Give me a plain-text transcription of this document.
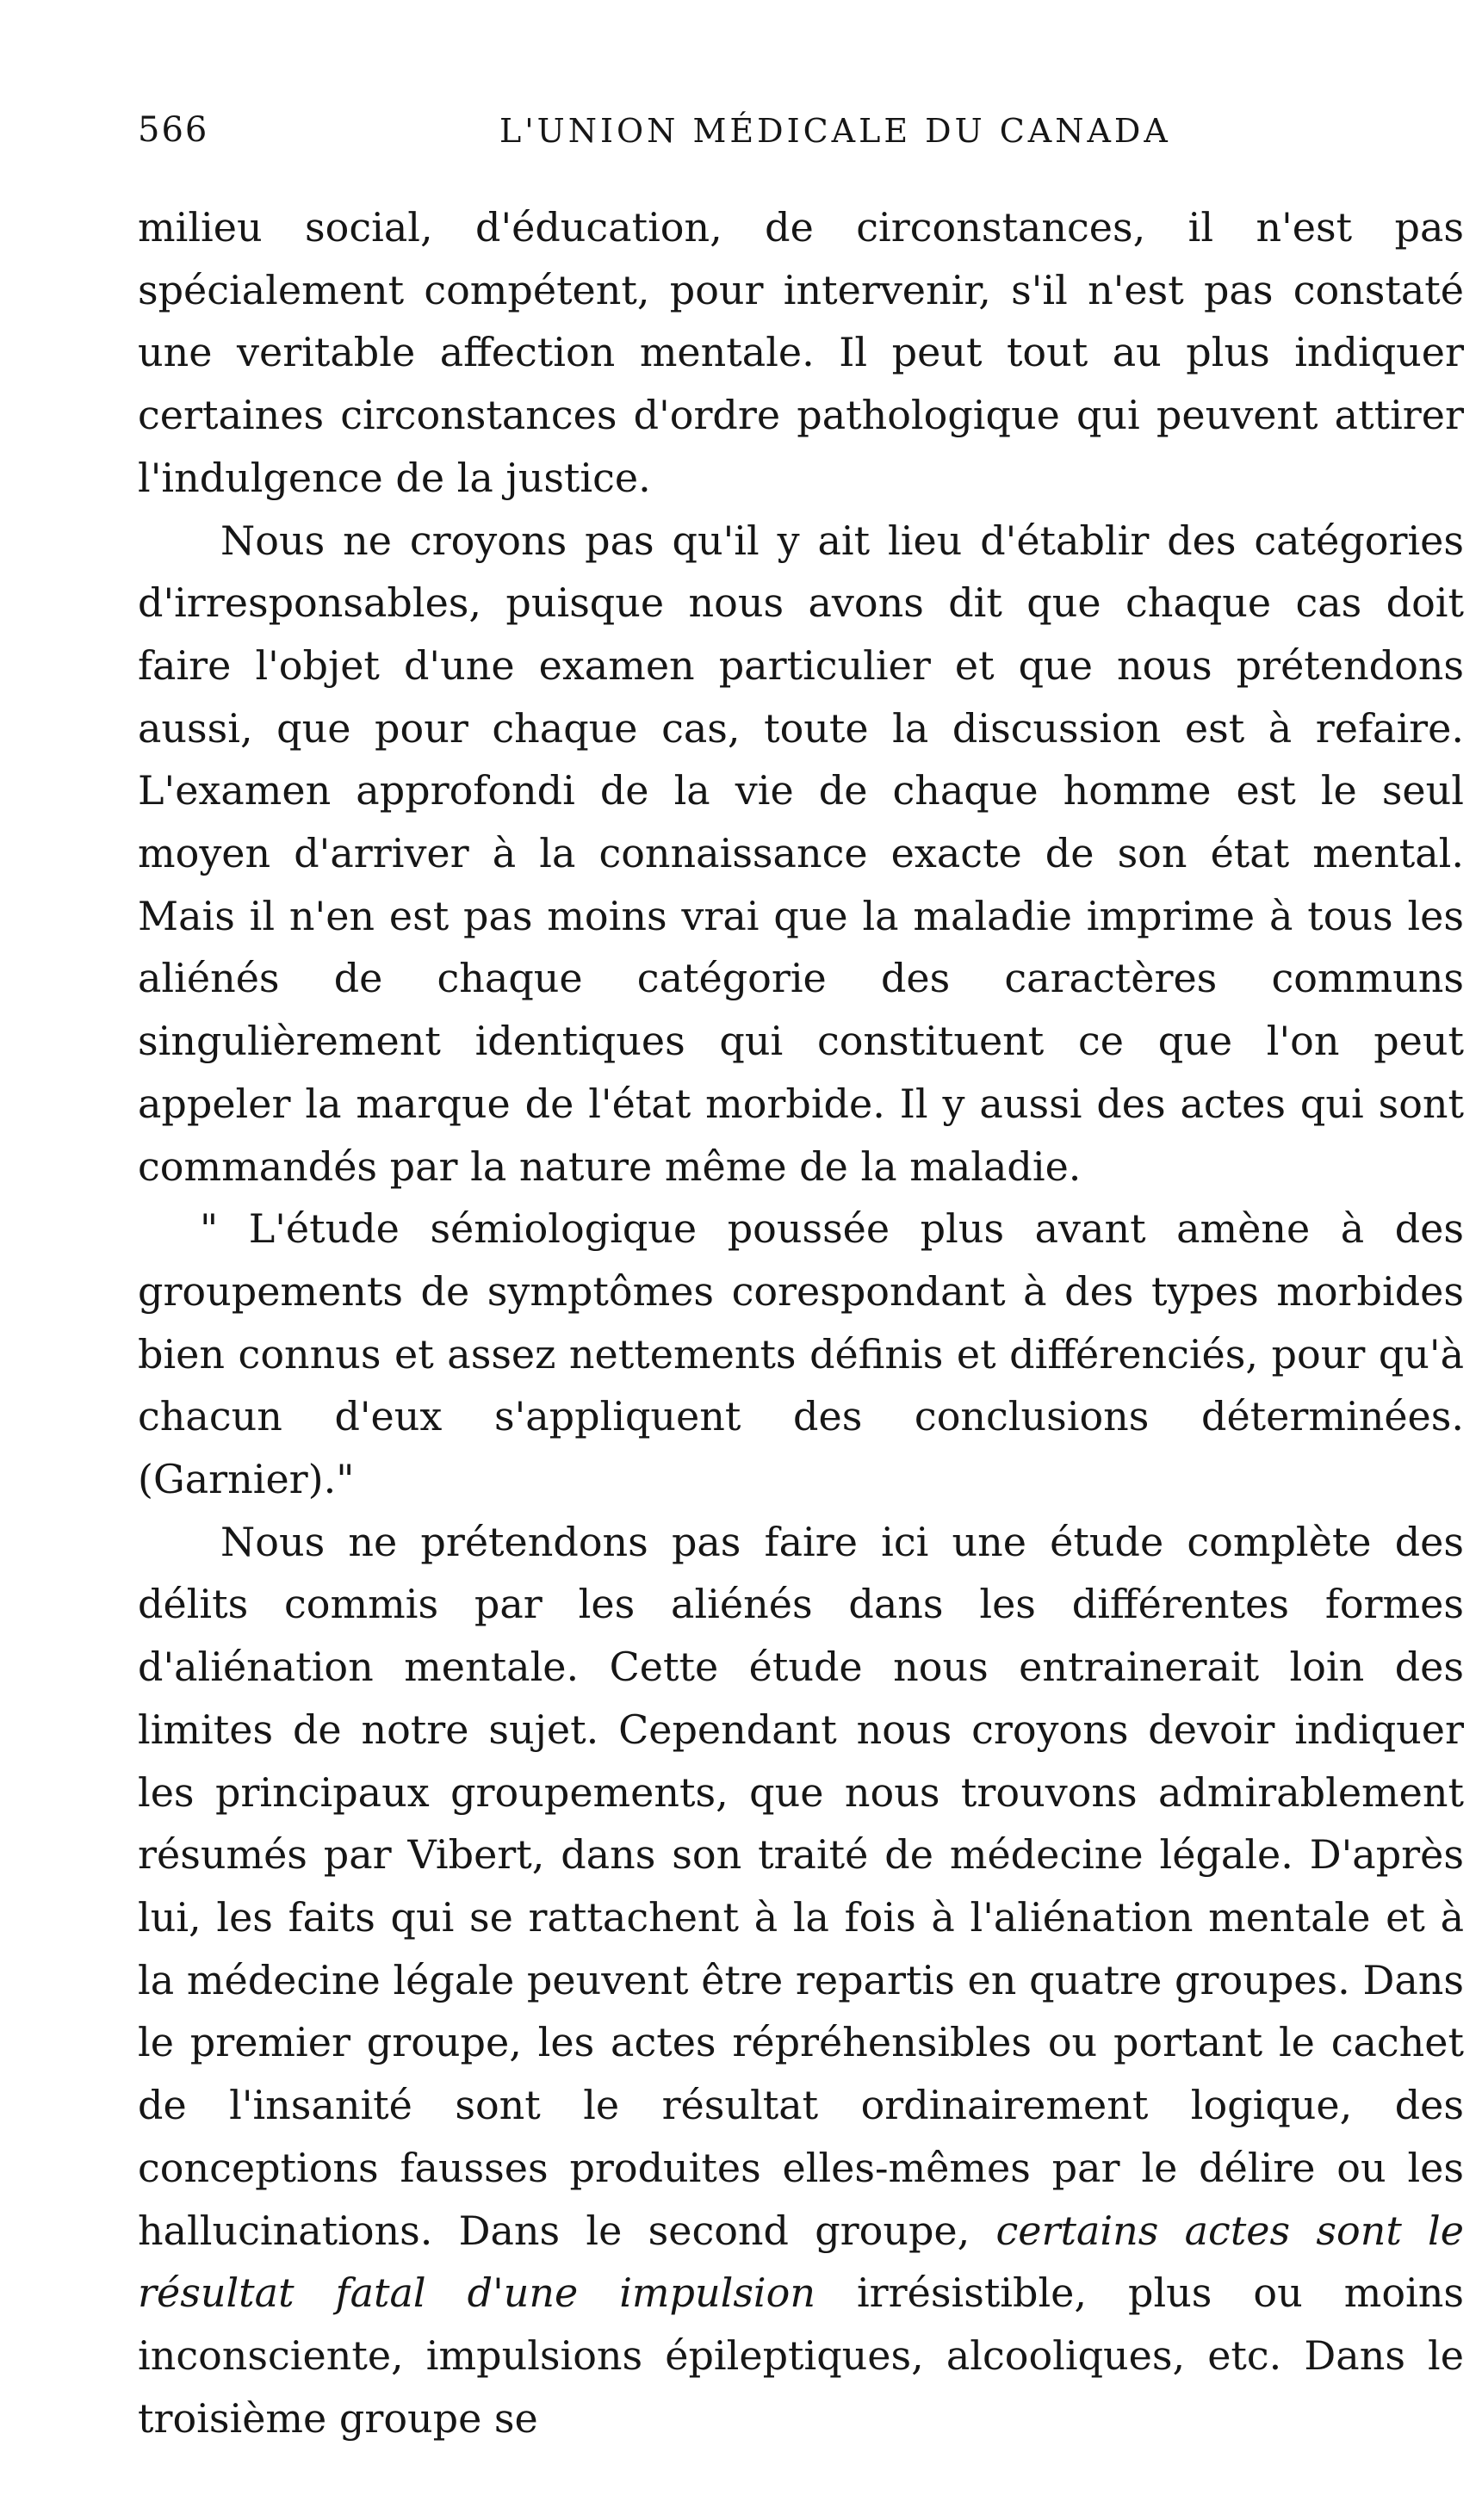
566	L'UNION MÉDICALE DU CANADA

milieu social, d'éducation, de circonstances, il n'est pas spécialement compétent, pour intervenir, s'il n'est pas constaté une veritable affection mentale. Il peut tout au plus indiquer certaines circonstances d'ordre pathologique qui peuvent attirer l'indulgence de la justice.

Nous ne croyons pas qu'il y ait lieu d'établir des catégories d'irresponsables, puisque nous avons dit que chaque cas doit faire l'objet d'une examen particulier et que nous prétendons aussi, que pour chaque cas, toute la discussion est à refaire. L'examen approfondi de la vie de chaque homme est le seul moyen d'arriver à la connaissance exacte de son état mental. Mais il n'en est pas moins vrai que la maladie imprime à tous les aliénés de chaque catégorie des caractères communs singulièrement identiques qui constituent ce que l'on peut appeler la marque de l'état morbide. Il y aussi des actes qui sont commandés par la nature même de la maladie.

" L'étude sémiologique poussée plus avant amène à des groupements de symptômes corespondant à des types morbides bien connus et assez nettements définis et différenciés, pour qu'à chacun d'eux s'appliquent des conclusions déterminées. (Garnier)."

Nous ne prétendons pas faire ici une étude complète des délits commis par les aliénés dans les différentes formes d'aliénation mentale. Cette étude nous entrainerait loin des limites de notre sujet. Cependant nous croyons devoir indiquer les principaux groupements, que nous trouvons admirablement résumés par Vibert, dans son traité de médecine légale. D'après lui, les faits qui se rattachent à la fois à l'aliénation mentale et à la médecine légale peuvent être repartis en quatre groupes. Dans le premier groupe, les actes répréhensibles ou portant le cachet de l'insanité sont le résultat ordinairement logique, des conceptions fausses produites elles-mêmes par le délire ou les hallucinations. Dans le second groupe, certains actes sont le résultat fatal d'une impulsion irrésistible, plus ou moins inconsciente, impulsions épileptiques, alcooliques, etc. Dans le troisième groupe se
